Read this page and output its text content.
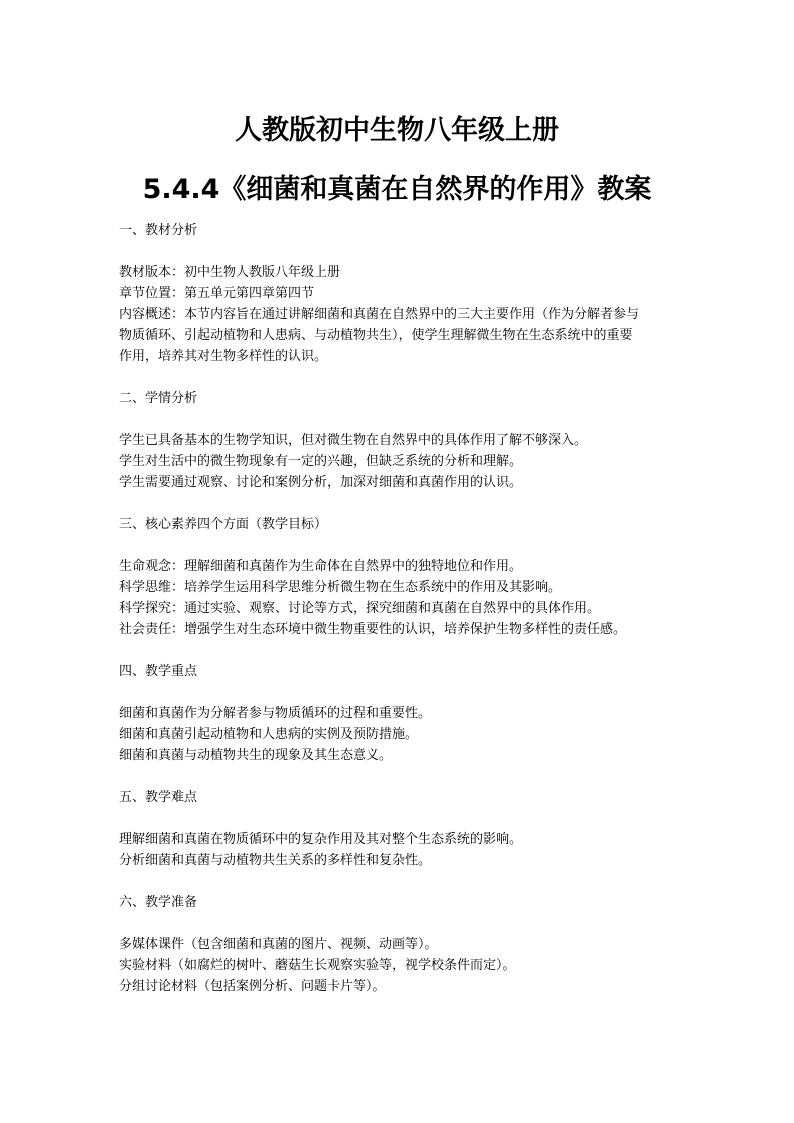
人教版初中生物八年级上册
5.4.4《细菌和真菌在自然界的作用》教案
一、教材分析
教材版本：初中生物人教版八年级上册
章节位置：第五单元第四章第四节
内容概述：本节内容旨在通过讲解细菌和真菌在自然界中的三大主要作用（作为分解者参与
物质循环、引起动植物和人患病、与动植物共生），使学生理解微生物在生态系统中的重要
作用，培养其对生物多样性的认识。
二、学情分析
学生已具备基本的生物学知识，但对微生物在自然界中的具体作用了解不够深入。
学生对生活中的微生物现象有一定的兴趣，但缺乏系统的分析和理解。
学生需要通过观察、讨论和案例分析，加深对细菌和真菌作用的认识。
三、核心素养四个方面（教学目标）
生命观念：理解细菌和真菌作为生命体在自然界中的独特地位和作用。
科学思维：培养学生运用科学思维分析微生物在生态系统中的作用及其影响。
科学探究：通过实验、观察、讨论等方式，探究细菌和真菌在自然界中的具体作用。
社会责任：增强学生对生态环境中微生物重要性的认识，培养保护生物多样性的责任感。
四、教学重点
细菌和真菌作为分解者参与物质循环的过程和重要性。
细菌和真菌引起动植物和人患病的实例及预防措施。
细菌和真菌与动植物共生的现象及其生态意义。
五、教学难点
理解细菌和真菌在物质循环中的复杂作用及其对整个生态系统的影响。
分析细菌和真菌与动植物共生关系的多样性和复杂性。
六、教学准备
多媒体课件（包含细菌和真菌的图片、视频、动画等）。
实验材料（如腐烂的树叶、蘑菇生长观察实验等，视学校条件而定）。
分组讨论材料（包括案例分析、问题卡片等）。
